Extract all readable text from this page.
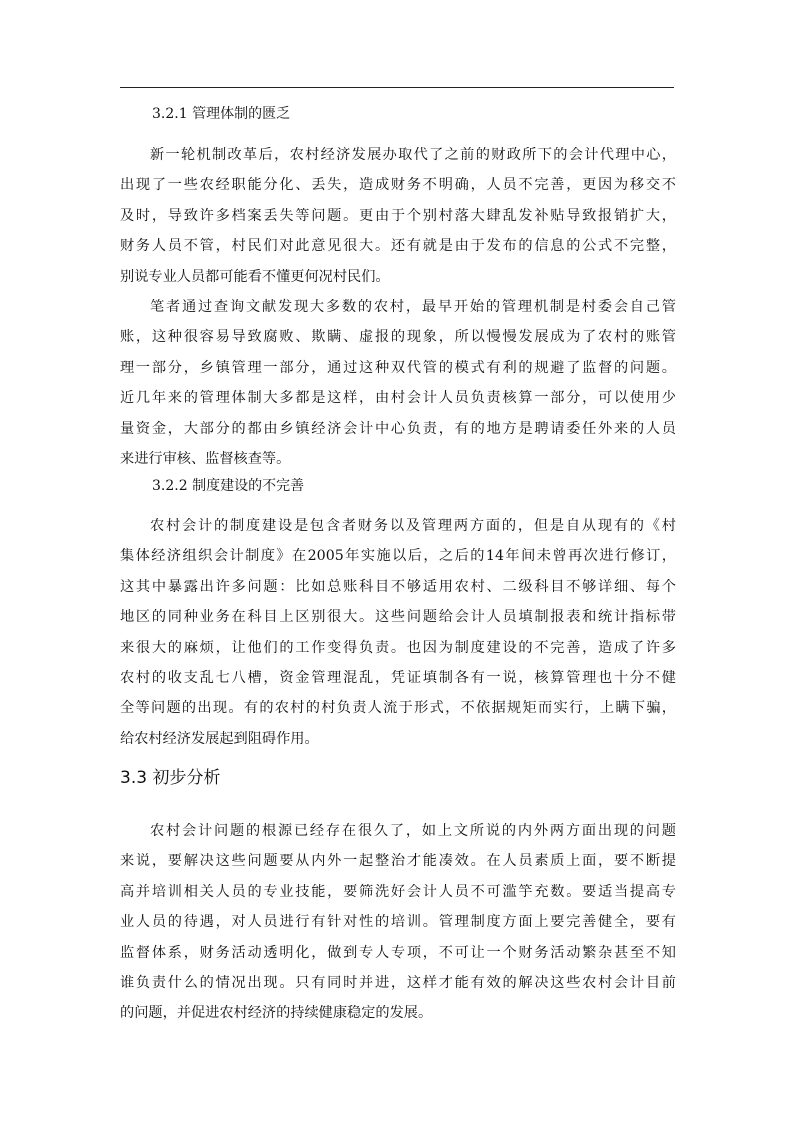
3.2.1 管理体制的匮乏
新一轮机制改革后，农村经济发展办取代了之前的财政所下的会计代理中心，
出现了一些农经职能分化、丢失，造成财务不明确，人员不完善，更因为移交不
及时，导致许多档案丢失等问题。更由于个别村落大肆乱发补贴导致报销扩大，
财务人员不管，村民们对此意见很大。还有就是由于发布的信息的公式不完整，
别说专业人员都可能看不懂更何况村民们。
笔者通过查询文献发现大多数的农村，最早开始的管理机制是村委会自己管
账，这种很容易导致腐败、欺瞒、虚报的现象，所以慢慢发展成为了农村的账管
理一部分，乡镇管理一部分，通过这种双代管的模式有利的规避了监督的问题。
近几年来的管理体制大多都是这样，由村会计人员负责核算一部分，可以使用少
量资金，大部分的都由乡镇经济会计中心负责，有的地方是聘请委任外来的人员
来进行审核、监督核查等。
3.2.2 制度建设的不完善
农村会计的制度建设是包含者财务以及管理两方面的，但是自从现有的《村
集体经济组织会计制度》在2005年实施以后，之后的14年间未曾再次进行修订，
这其中暴露出许多问题：比如总账科目不够适用农村、二级科目不够详细、每个
地区的同种业务在科目上区别很大。这些问题给会计人员填制报表和统计指标带
来很大的麻烦，让他们的工作变得负责。也因为制度建设的不完善，造成了许多
农村的收支乱七八槽，资金管理混乱，凭证填制各有一说，核算管理也十分不健
全等问题的出现。有的农村的村负责人流于形式，不依据规矩而实行，上瞒下骗，
给农村经济发展起到阻碍作用。
3.3 初步分析
农村会计问题的根源已经存在很久了，如上文所说的内外两方面出现的问题
来说，要解决这些问题要从内外一起整治才能凑效。在人员素质上面，要不断提
高并培训相关人员的专业技能，要筛洗好会计人员不可滥竽充数。要适当提高专
业人员的待遇，对人员进行有针对性的培训。管理制度方面上要完善健全，要有
监督体系，财务活动透明化，做到专人专项，不可让一个财务活动繁杂甚至不知
谁负责什么的情况出现。只有同时并进，这样才能有效的解决这些农村会计目前
的问题，并促进农村经济的持续健康稳定的发展。
